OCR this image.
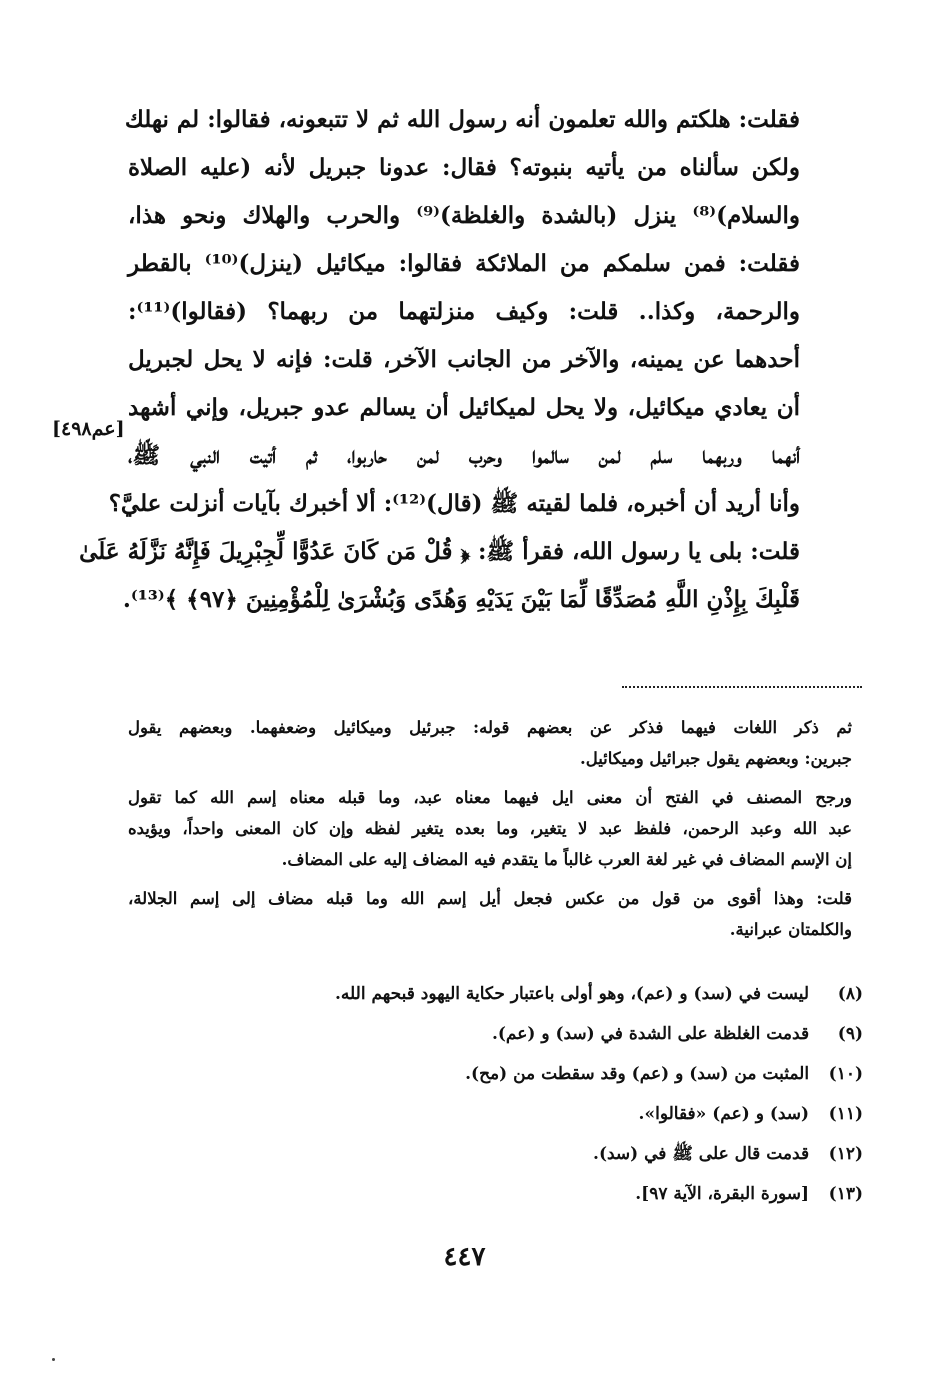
فقلت: هلكتم والله تعلمون أنه رسول الله ثم لا تتبعونه، فقالوا: لم نهلك
ولكن سألناه من يأتيه بنبوته؟ فقال: عدونا جبريل لأنه (عليه الصلاة
والسلام)⁽⁸⁾ ينزل (بالشدة والغلظة)⁽⁹⁾ والحرب والهلاك ونحو هذا،
فقلت: فمن سلمكم من الملائكة فقالوا: ميكائيل (ينزل)⁽¹⁰⁾ بالقطر
والرحمة، وكذا.. قلت: وكيف منزلتهما من ربهما؟ (فقالوا)⁽¹¹⁾:
أحدهما عن يمينه، والآخر من الجانب الآخر، قلت: فإنه لا يحل لجبريل
أن يعادي ميكائيل، ولا يحل لميكائيل أن يسالم عدو جبريل، وإني أشهد
أنهما وربهما سلم لمن سالموا وحرب لمن حاربوا، ثم أتيت النبي ﷺ،
وأنا أريد أن أخبره، فلما لقيته ﷺ (قال)⁽¹²⁾: ألا أخبرك بآيات أنزلت عليَّ؟
قلت: بلى يا رسول الله، فقرأ ﷺ: ﴿ قُلْ مَن كَانَ عَدُوًّا لِّجِبْرِيلَ فَإِنَّهُ نَزَّلَهُ عَلَىٰ
قَلْبِكَ بِإِذْنِ اللَّهِ مُصَدِّقًا لِّمَا بَيْنَ يَدَيْهِ وَهُدًى وَبُشْرَىٰ لِلْمُؤْمِنِينَ ﴿٩٧﴾ ﴾⁽¹³⁾.
[عم٤٩٨]
ثم ذكر اللغات فيهما فذكر عن بعضهم قوله: جبرئيل وميكائيل وضعفهما. وبعضهم يقول
جبرين: وبعضهم يقول جبرائيل وميكائيل.
ورجح المصنف في الفتح أن معنى ايل فيهما معناه عبد، وما قبله معناه إسم الله كما تقول
عبد الله وعبد الرحمن، فلفظ عبد لا يتغير، وما بعده يتغير لفظه وإن كان المعنى واحداً، ويؤيده
إن الإسم المضاف في غير لغة العرب غالباً ما يتقدم فيه المضاف إليه على المضاف.
قلت: وهذا أقوى من قول من عكس فجعل أيل إسم الله وما قبله مضاف إلى إسم الجلالة،
والكلمتان عبرانية.
(٨) ليست في (سد) و (عم)، وهو أولى باعتبار حكاية اليهود قبحهم الله.
(٩) قدمت الغلظة على الشدة في (سد) و (عم).
(١٠) المثبت من (سد) و (عم) وقد سقطت من (مح).
(١١) (سد) و (عم) «فقالوا».
(١٢) قدمت قال على ﷺ في (سد).
(١٣) [سورة البقرة، الآية ٩٧].
٤٤٧
